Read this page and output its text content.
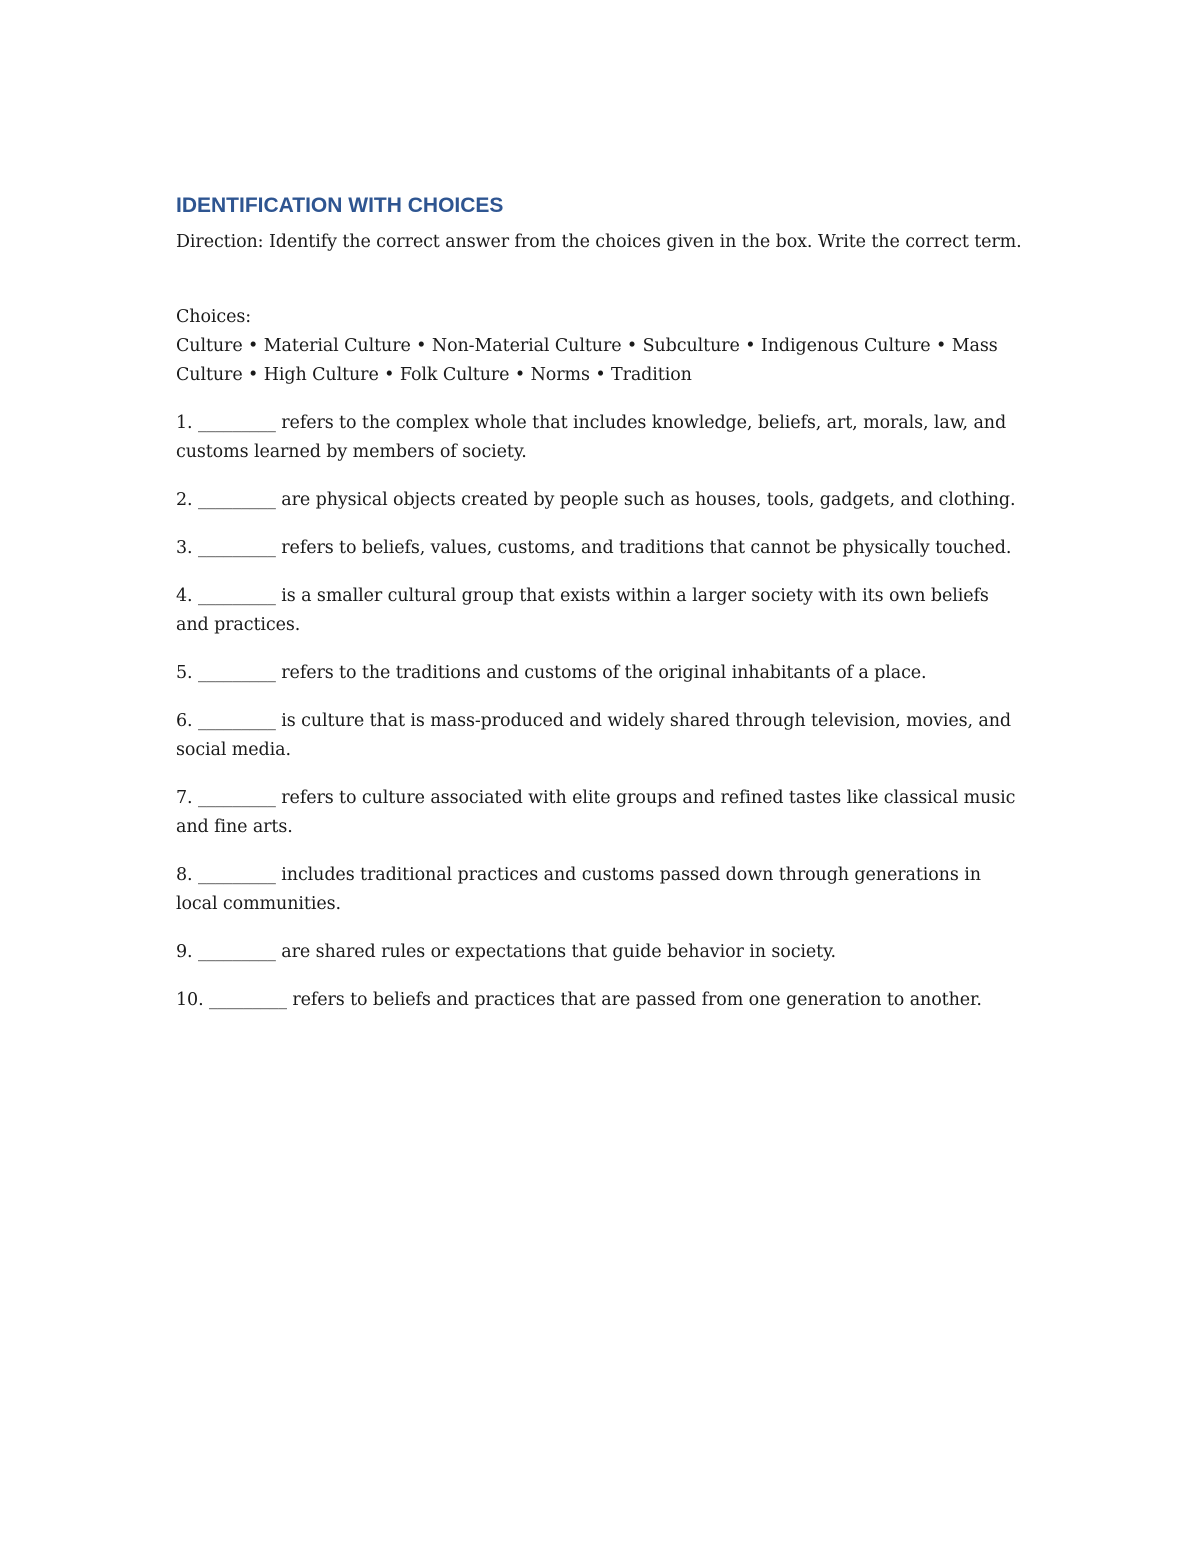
IDENTIFICATION WITH CHOICES

Direction: Identify the correct answer from the choices given in the box. Write the correct term.

Choices:

Culture • Material Culture • Non-Material Culture • Subculture • Indigenous Culture • Mass Culture • High Culture • Folk Culture • Norms • Tradition

1. _________ refers to the complex whole that includes knowledge, beliefs, art, morals, law, and customs learned by members of society.

2. _________ are physical objects created by people such as houses, tools, gadgets, and clothing.

3. _________ refers to beliefs, values, customs, and traditions that cannot be physically touched.

4. _________ is a smaller cultural group that exists within a larger society with its own beliefs and practices.

5. _________ refers to the traditions and customs of the original inhabitants of a place.

6. _________ is culture that is mass-produced and widely shared through television, movies, and social media.

7. _________ refers to culture associated with elite groups and refined tastes like classical music and fine arts.

8. _________ includes traditional practices and customs passed down through generations in local communities.

9. _________ are shared rules or expectations that guide behavior in society.

10. _________ refers to beliefs and practices that are passed from one generation to another.
